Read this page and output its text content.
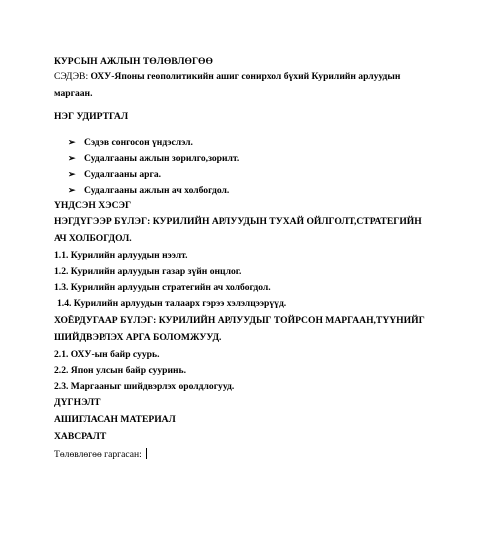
КУРСЫН АЖЛЫН ТӨЛӨВЛӨГӨӨ
СЭДЭВ: ОХУ-Японы геополитикийн ашиг сонирхол бүхий Курилийн арлуудын
маргаан.
НЭГ УДИРТГАЛ
➢ Сэдэв сонгосон үндэслэл.
➢ Судалгааны ажлын зорилго,зорилт.
➢ Судалгааны арга.
➢ Судалгааны ажлын ач холбогдол.
ҮНДСЭН ХЭСЭГ
НЭГДҮГЭЭР БҮЛЭГ: КУРИЛИЙН АРЛУУДЫН ТУХАЙ ОЙЛГОЛТ,СТРАТЕГИЙН
АЧ ХОЛБОГДОЛ.
1.1. Курилийн арлуудын нээлт.
1.2. Курилийн арлуудын газар зүйн онцлог.
1.3. Курилийн арлуудын стратегийн ач холбогдол.
1.4. Курилийн арлуудын талаарх гэрээ хэлэлцээрүүд.
ХОЁРДУГААР БҮЛЭГ: КУРИЛИЙН АРЛУУДЫГ ТОЙРСОН МАРГААН,ТҮҮНИЙГ
ШИЙДВЭРЛЭХ АРГА БОЛОМЖУУД.
2.1. ОХУ-ын байр суурь.
2.2. Япон улсын байр сууринь.
2.3. Маргааныг шийдвэрлэх оролдлогууд.
ДҮГНЭЛТ
АШИГЛАСАН МАТЕРИАЛ
ХАВСРАЛТ
Төлөвлөгөө гаргасан:
